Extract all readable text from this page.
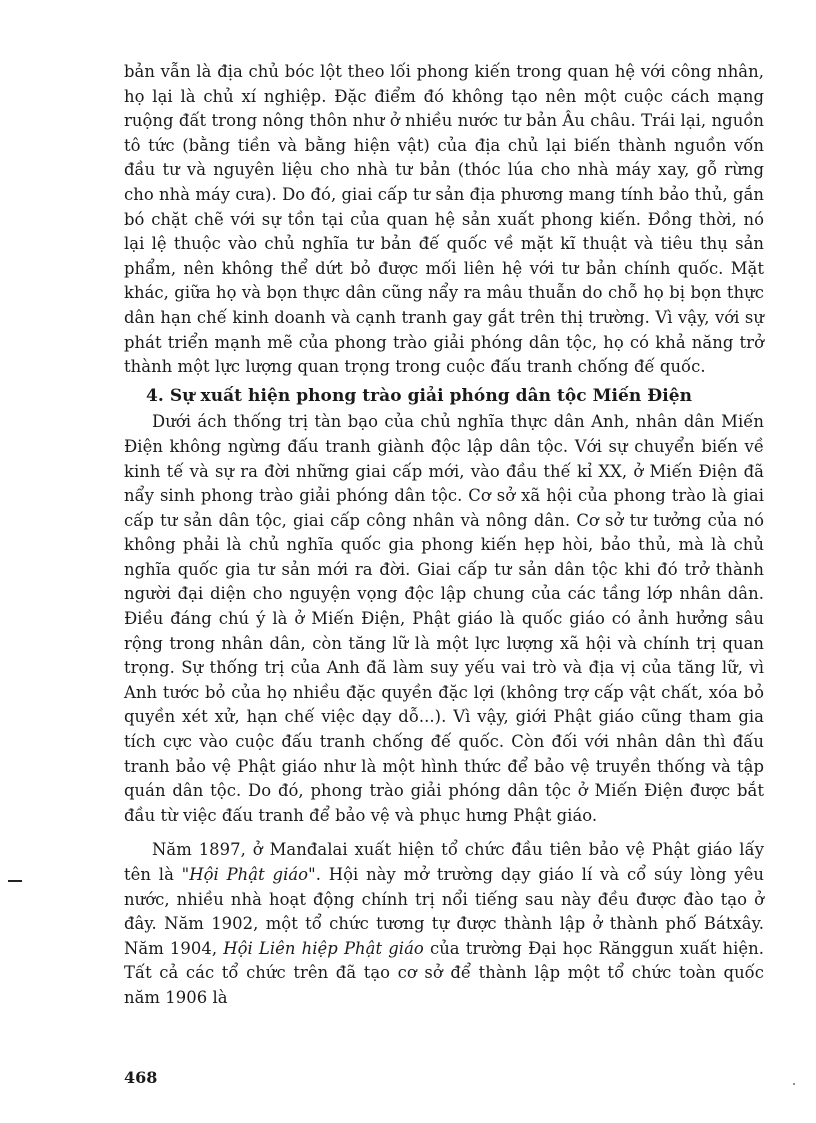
bản vẫn là địa chủ bóc lột theo lối phong kiến trong quan hệ với công nhân, họ lại là chủ xí nghiệp. Đặc điểm đó không tạo nên một cuộc cách mạng ruộng đất trong nông thôn như ở nhiều nước tư bản Âu châu. Trái lại, nguồn tô tức (bằng tiền và bằng hiện vật) của địa chủ lại biến thành nguồn vốn đầu tư và nguyên liệu cho nhà tư bản (thóc lúa cho nhà máy xay, gỗ rừng cho nhà máy cưa). Do đó, giai cấp tư sản địa phương mang tính bảo thủ, gắn bó chặt chẽ với sự tồn tại của quan hệ sản xuất phong kiến. Đồng thời, nó lại lệ thuộc vào chủ nghĩa tư bản đế quốc về mặt kĩ thuật và tiêu thụ sản phẩm, nên không thể dứt bỏ được mối liên hệ với tư bản chính quốc. Mặt khác, giữa họ và bọn thực dân cũng nẩy ra mâu thuẫn do chỗ họ bị bọn thực dân hạn chế kinh doanh và cạnh tranh gay gắt trên thị trường. Vì vậy, với sự phát triển mạnh mẽ của phong trào giải phóng dân tộc, họ có khả năng trở thành một lực lượng quan trọng trong cuộc đấu tranh chống đế quốc.

4. Sự xuất hiện phong trào giải phóng dân tộc Miến Điện

Dưới ách thống trị tàn bạo của chủ nghĩa thực dân Anh, nhân dân Miến Điện không ngừng đấu tranh giành độc lập dân tộc. Với sự chuyển biến về kinh tế và sự ra đời những giai cấp mới, vào đầu thế kỉ XX, ở Miến Điện đã nẩy sinh phong trào giải phóng dân tộc. Cơ sở xã hội của phong trào là giai cấp tư sản dân tộc, giai cấp công nhân và nông dân. Cơ sở tư tưởng của nó không phải là chủ nghĩa quốc gia phong kiến hẹp hòi, bảo thủ, mà là chủ nghĩa quốc gia tư sản mới ra đời. Giai cấp tư sản dân tộc khi đó trở thành người đại diện cho nguyện vọng độc lập chung của các tầng lớp nhân dân. Điều đáng chú ý là ở Miến Điện, Phật giáo là quốc giáo có ảnh hưởng sâu rộng trong nhân dân, còn tăng lữ là một lực lượng xã hội và chính trị quan trọng. Sự thống trị của Anh đã làm suy yếu vai trò và địa vị của tăng lữ, vì Anh tước bỏ của họ nhiều đặc quyền đặc lợi (không trợ cấp vật chất, xóa bỏ quyền xét xử, hạn chế việc dạy dỗ...). Vì vậy, giới Phật giáo cũng tham gia tích cực vào cuộc đấu tranh chống đế quốc. Còn đối với nhân dân thì đấu tranh bảo vệ Phật giáo như là một hình thức để bảo vệ truyền thống và tập quán dân tộc. Do đó, phong trào giải phóng dân tộc ở Miến Điện được bắt đầu từ việc đấu tranh để bảo vệ và phục hưng Phật giáo.

Năm 1897, ở Manđalai xuất hiện tổ chức đầu tiên bảo vệ Phật giáo lấy tên là "Hội Phật giáo". Hội này mở trường dạy giáo lí và cổ súy lòng yêu nước, nhiều nhà hoạt động chính trị nổi tiếng sau này đều được đào tạo ở đây. Năm 1902, một tổ chức tương tự được thành lập ở thành phố Bátxây. Năm 1904, Hội Liên hiệp Phật giáo của trường Đại học Rănggun xuất hiện. Tất cả các tổ chức trên đã tạo cơ sở để thành lập một tổ chức toàn quốc năm 1906 là

468
